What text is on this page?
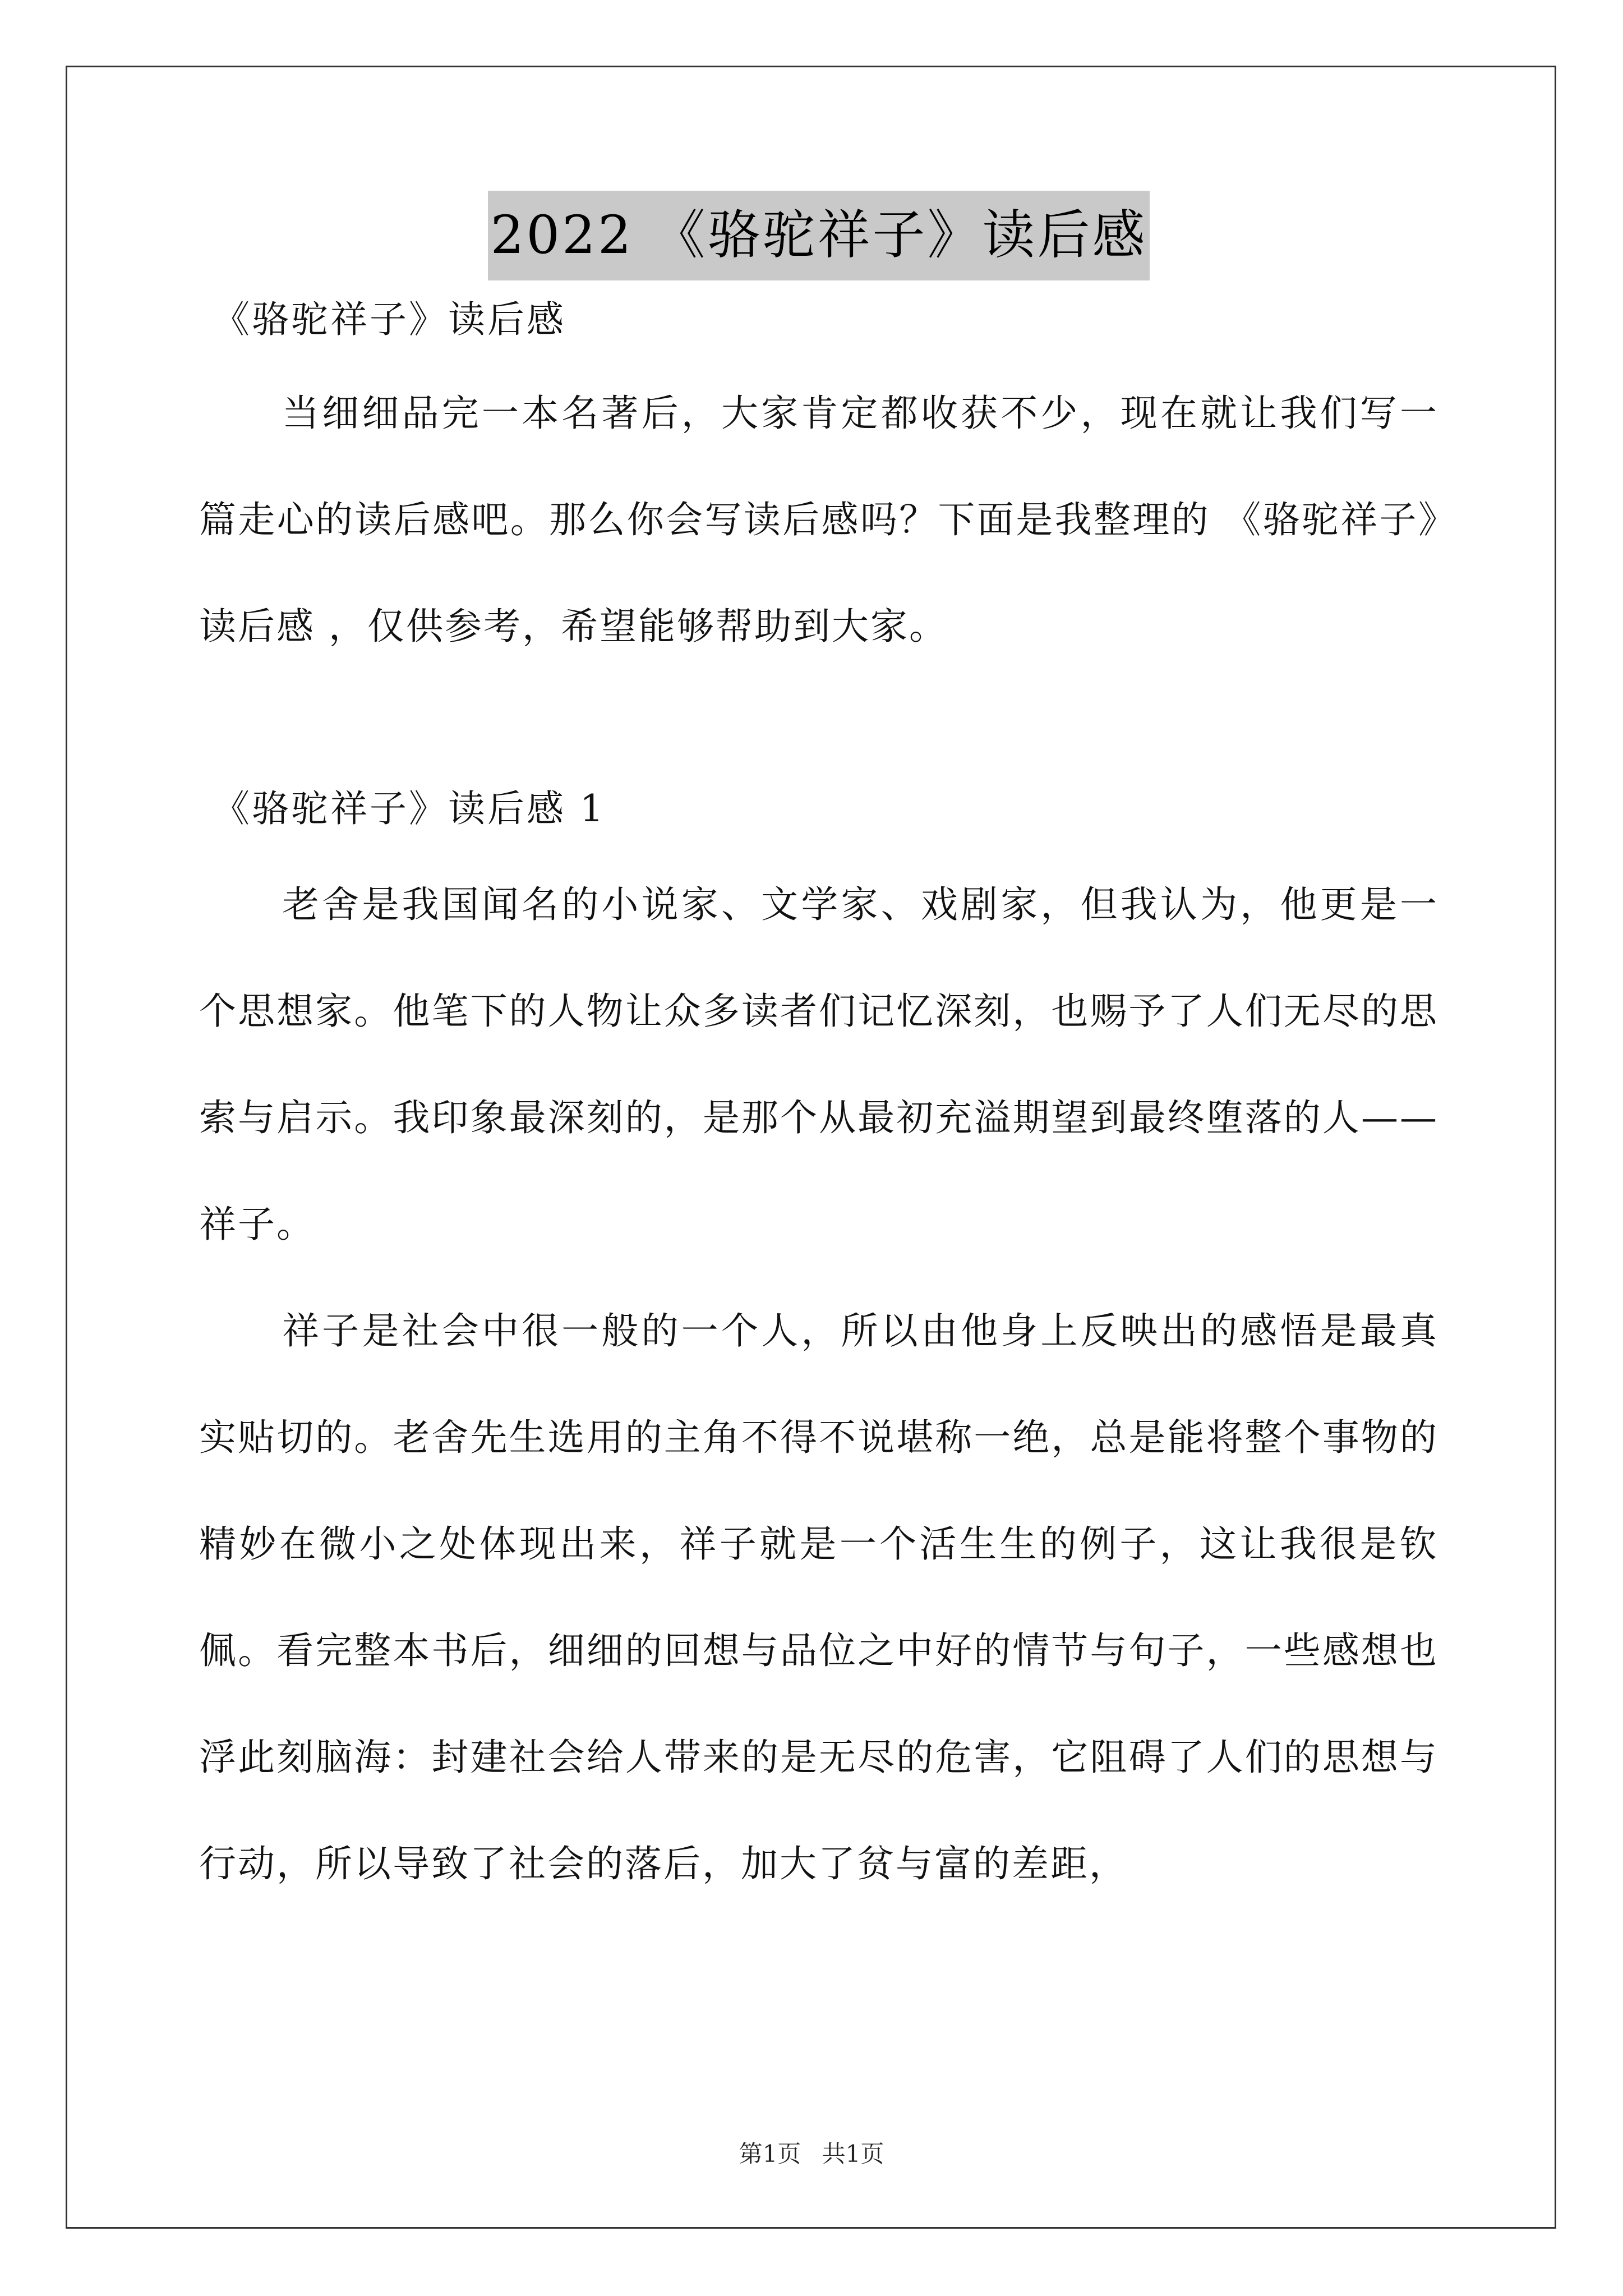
2022 《骆驼祥子》读后感
《骆驼祥子》读后感

当细细品完一本名著后，大家肯定都收获不少，现在就让我们写一篇走心的读后感吧。那么你会写读后感吗？下面是我整理的 《骆驼祥子》读后感 ，仅供参考，希望能够帮助到大家。

《骆驼祥子》读后感 1

老舍是我国闻名的小说家、文学家、戏剧家，但我认为，他更是一个思想家。他笔下的人物让众多读者们记忆深刻，也赐予了人们无尽的思索与启示。我印象最深刻的，是那个从最初充溢期望到最终堕落的人——祥子。

祥子是社会中很一般的一个人，所以由他身上反映出的感悟是最真实贴切的。老舍先生选用的主角不得不说堪称一绝，总是能将整个事物的精妙在微小之处体现出来，祥子就是一个活生生的例子，这让我很是钦佩。看完整本书后，细细的回想与品位之中好的情节与句子，一些感想也浮此刻脑海：封建社会给人带来的是无尽的危害，它阻碍了人们的思想与行动，所以导致了社会的落后，加大了贫与富的差距，

第1页 共1页
